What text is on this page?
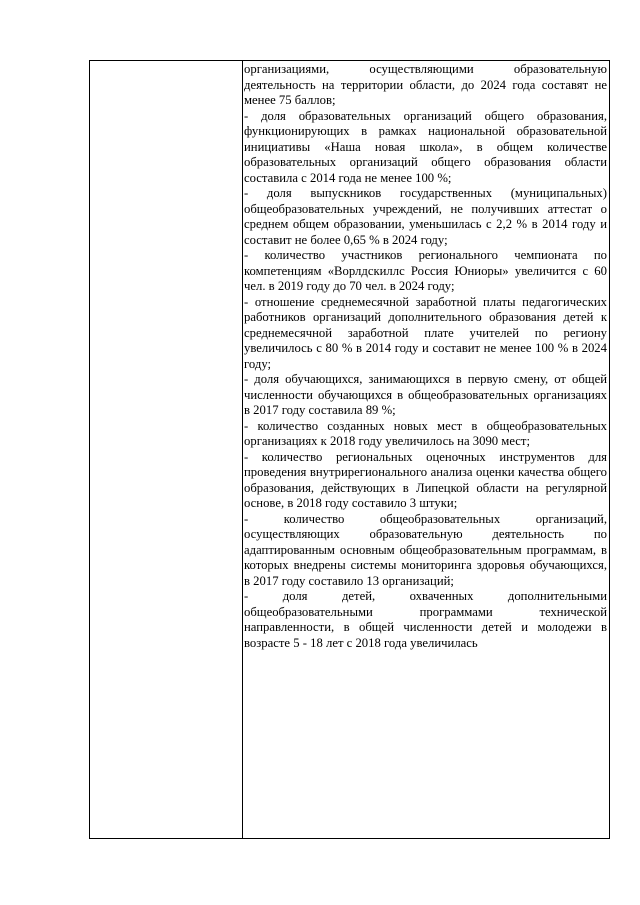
организациями, осуществляющими образовательную деятельность на территории области, до 2024 года составят не менее 75 баллов;

- доля образовательных организаций общего образования, функционирующих в рамках национальной образовательной инициативы «Наша новая школа», в общем количестве образовательных организаций общего образования области составила с 2014 года не менее 100 %;

- доля выпускников государственных (муниципальных) общеобразовательных учреждений, не получивших аттестат о среднем общем образовании, уменьшилась с 2,2 % в 2014 году и составит не более 0,65 % в 2024 году;

- количество участников регионального чемпионата по компетенциям «Ворлдскиллс Россия Юниоры» увеличится с 60 чел. в 2019 году до 70 чел. в 2024 году;

- отношение среднемесячной заработной платы педагогических работников организаций дополнительного образования детей к среднемесячной заработной плате учителей по региону увеличилось с 80 % в 2014 году и составит не менее 100 % в 2024 году;

- доля обучающихся, занимающихся в первую смену, от общей численности обучающихся в общеобразовательных организациях в 2017 году составила 89 %;

- количество созданных новых мест в общеобразовательных организациях к 2018 году увеличилось на 3090 мест;

- количество региональных оценочных инструментов для проведения внутрирегионального анализа оценки качества общего образования, действующих в Липецкой области на регулярной основе, в 2018 году составило 3 штуки;

- количество общеобразовательных организаций, осуществляющих образовательную деятельность по адаптированным основным общеобразовательным программам, в которых внедрены системы мониторинга здоровья обучающихся, в 2017 году составило 13 организаций;

- доля детей, охваченных дополнительными общеобразовательными программами технической направленности, в общей численности детей и молодежи в возрасте 5 - 18 лет с 2018 года увеличилась
